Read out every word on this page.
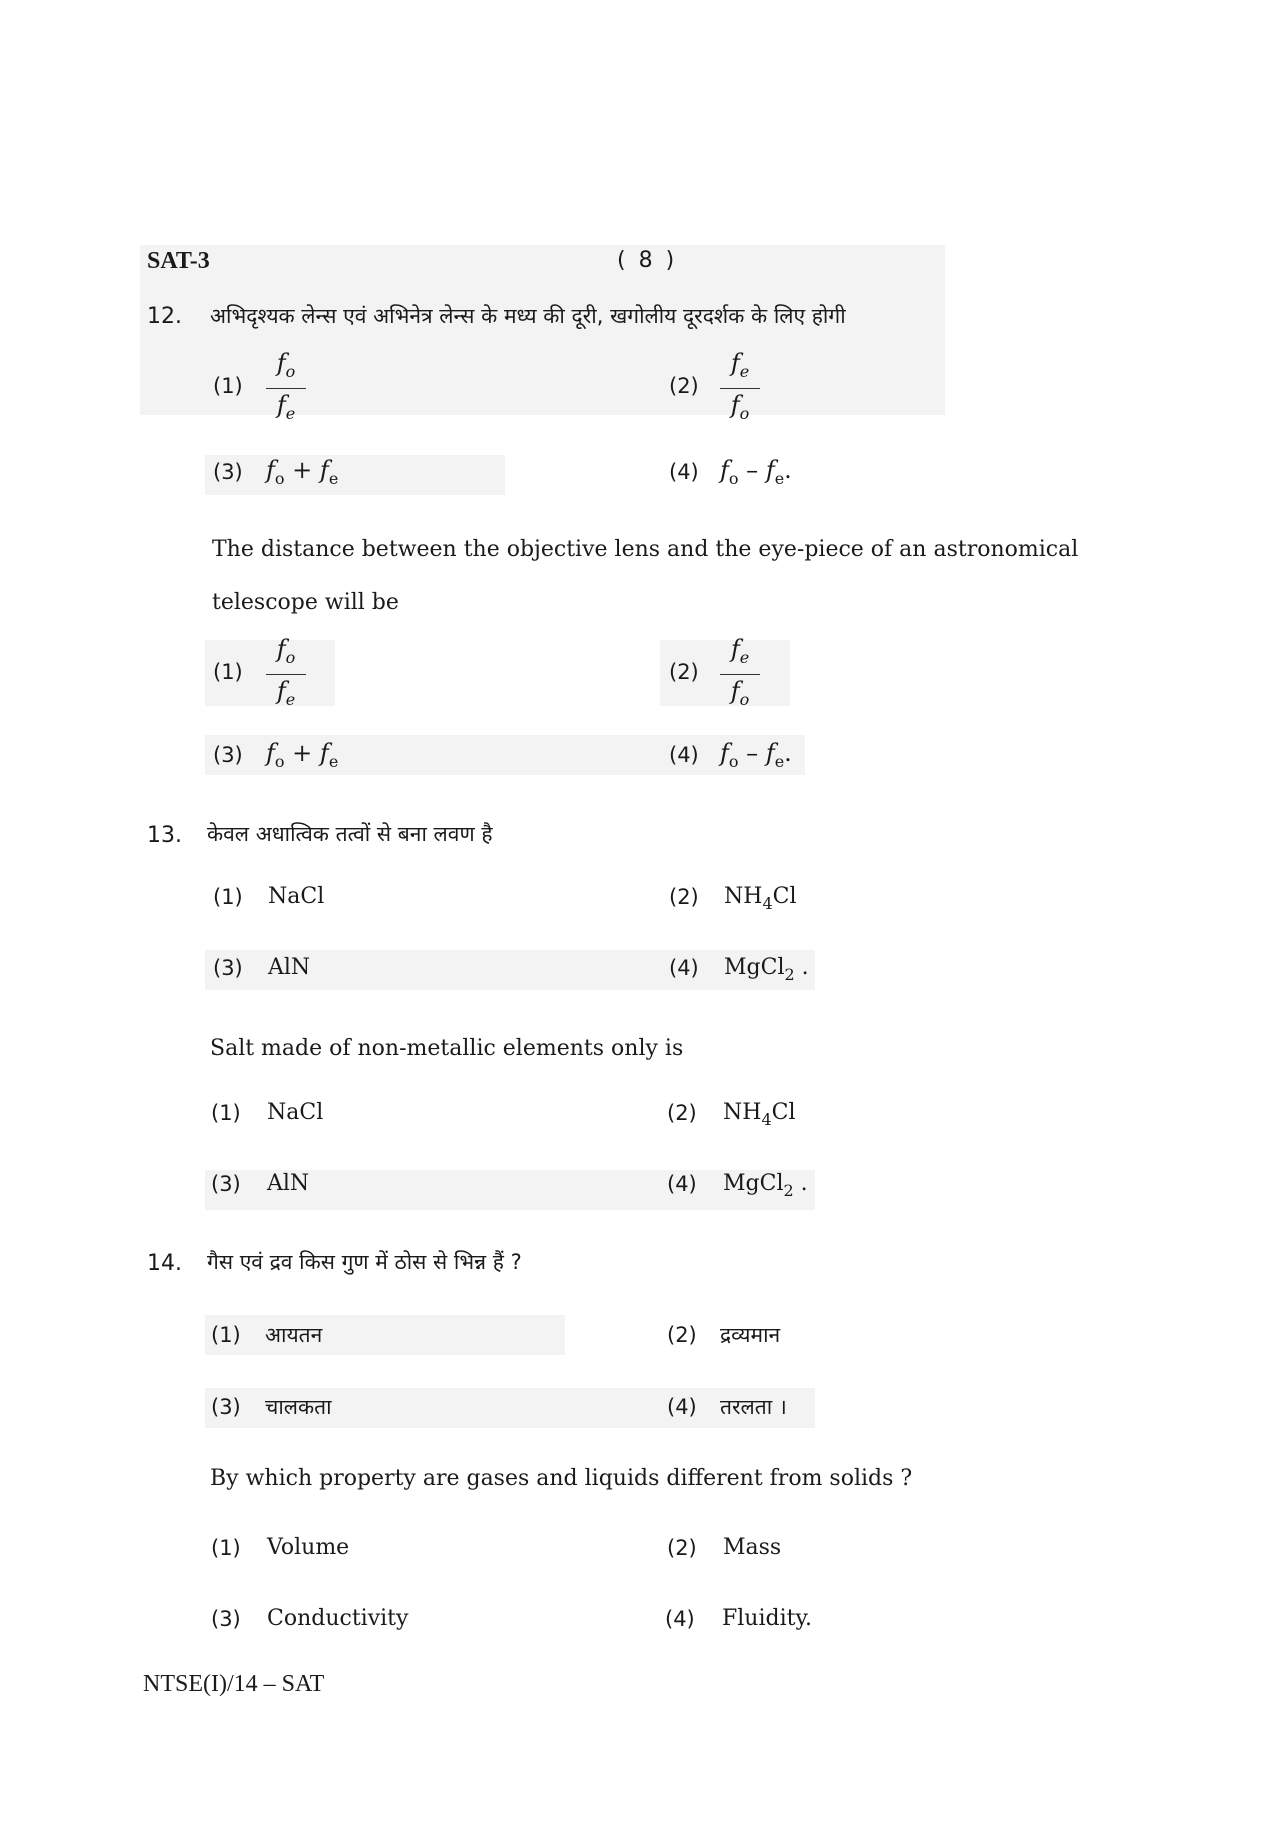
SAT-3	( 8 )
12. अभिदृश्यक लेन्स एवं अभिनेत्र लेन्स के मध्य की दूरी, खगोलीय दूरदर्शक के लिए होगी
(1)
$f_o$
$f_e$
(2)
$f_e$
$f_o$
(3) $f_o + f_e$	(4) $f_o - f_e$.
The distance between the objective lens and the eye-piece of an astronomical
telescope will be
(1)
$f_o$
$f_e$
(2)
$f_e$
$f_o$
(3) $f_o + f_e$	(4) $f_o - f_e$.
13. केवल अधात्विक तत्वों से बना लवण है
(1) NaCl	(2) $NH_4Cl$
(3) AlN	(4) MgCl$_2$ .
Salt made of non-metallic elements only is
(1) NaCl	(2) $NH_4Cl$
(3) AlN	(4) MgCl$_2$ .
14. गैस एवं द्रव किस गुण में ठोस से भिन्न हैं ?
(1) आयतन	(2) द्रव्यमान
(3) चालकता	(4) तरलता ।
By which property are gases and liquids different from solids ?
(1) Volume	(2) Mass
(3) Conductivity	(4) Fluidity.
NTSE(I)/14 – SAT
